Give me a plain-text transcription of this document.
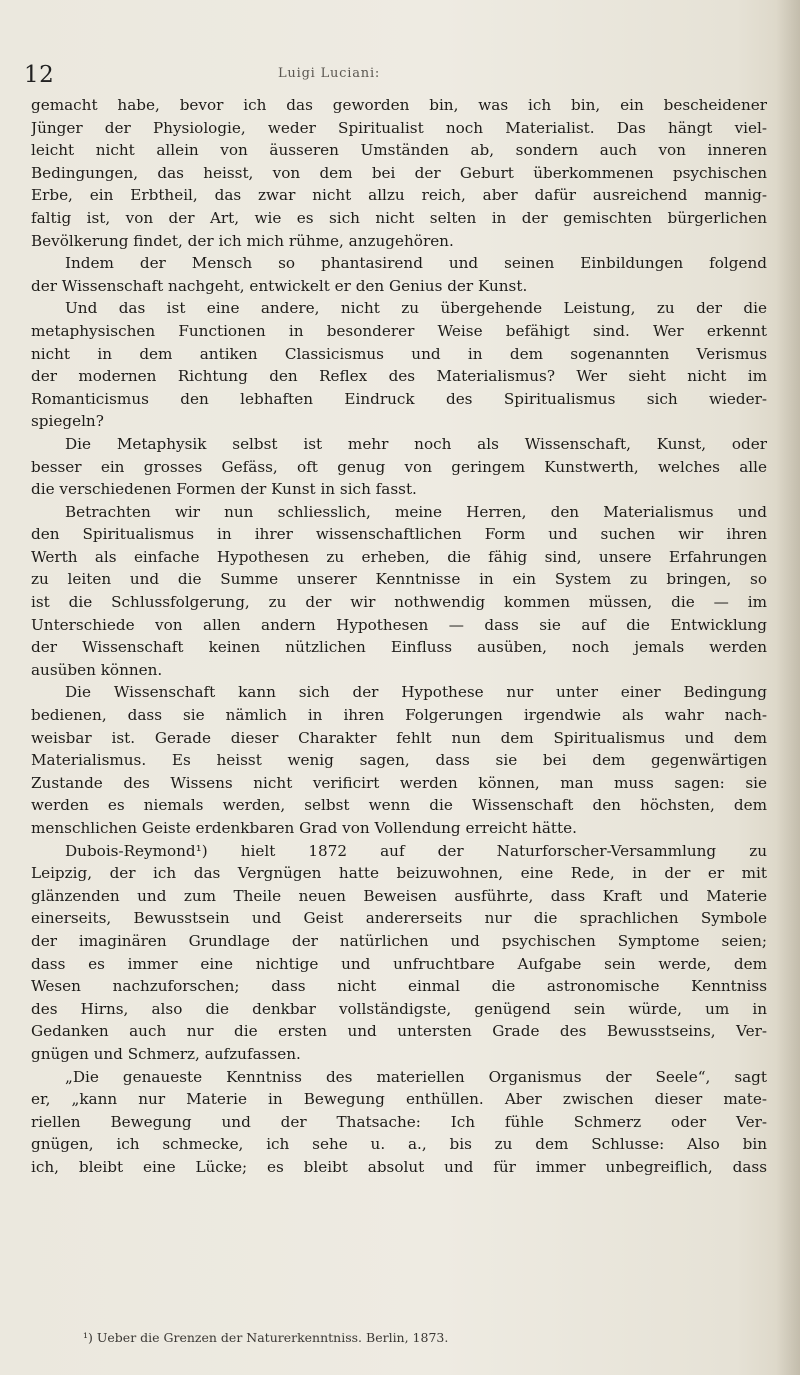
12	Luigi Luciani:
gemacht habe, bevor ich das geworden bin, was ich bin, ein bescheidener
Jünger der Physiologie, weder Spiritualist noch Materialist. Das hängt viel-
leicht nicht allein von äusseren Umständen ab, sondern auch von inneren
Bedingungen, das heisst, von dem bei der Geburt überkommenen psychischen
Erbe, ein Erbtheil, das zwar nicht allzu reich, aber dafür ausreichend mannig-
faltig ist, von der Art, wie es sich nicht selten in der gemischten bürgerlichen
Bevölkerung findet, der ich mich rühme, anzugehören.
Indem der Mensch so phantasirend und seinen Einbildungen folgend
der Wissenschaft nachgeht, entwickelt er den Genius der Kunst.
Und das ist eine andere, nicht zu übergehende Leistung, zu der die
metaphysischen Functionen in besonderer Weise befähigt sind. Wer erkennt
nicht in dem antiken Classicismus und in dem sogenannten Verismus
der modernen Richtung den Reflex des Materialismus? Wer sieht nicht im
Romanticismus den lebhaften Eindruck des Spiritualismus sich wieder-
spiegeln?
Die Metaphysik selbst ist mehr noch als Wissenschaft, Kunst, oder
besser ein grosses Gefäss, oft genug von geringem Kunstwerth, welches alle
die verschiedenen Formen der Kunst in sich fasst.
Betrachten wir nun schliesslich, meine Herren, den Materialismus und
den Spiritualismus in ihrer wissenschaftlichen Form und suchen wir ihren
Werth als einfache Hypothesen zu erheben, die fähig sind, unsere Erfahrungen
zu leiten und die Summe unserer Kenntnisse in ein System zu bringen, so
ist die Schlussfolgerung, zu der wir nothwendig kommen müssen, die — im
Unterschiede von allen andern Hypothesen — dass sie auf die Entwicklung
der Wissenschaft keinen nützlichen Einfluss ausüben, noch jemals werden
ausüben können.
Die Wissenschaft kann sich der Hypothese nur unter einer Bedingung
bedienen, dass sie nämlich in ihren Folgerungen irgendwie als wahr nach-
weisbar ist. Gerade dieser Charakter fehlt nun dem Spiritualismus und dem
Materialismus. Es heisst wenig sagen, dass sie bei dem gegenwärtigen
Zustande des Wissens nicht verificirt werden können, man muss sagen: sie
werden es niemals werden, selbst wenn die Wissenschaft den höchsten, dem
menschlichen Geiste erdenkbaren Grad von Vollendung erreicht hätte.
Dubois-Reymond¹) hielt 1872 auf der Naturforscher-Versammlung zu
Leipzig, der ich das Vergnügen hatte beizuwohnen, eine Rede, in der er mit
glänzenden und zum Theile neuen Beweisen ausführte, dass Kraft und Materie
einerseits, Bewusstsein und Geist andererseits nur die sprachlichen Symbole
der imaginären Grundlage der natürlichen und psychischen Symptome seien;
dass es immer eine nichtige und unfruchtbare Aufgabe sein werde, dem
Wesen nachzuforschen; dass nicht einmal die astronomische Kenntniss
des Hirns, also die denkbar vollständigste, genügend sein würde, um in
Gedanken auch nur die ersten und untersten Grade des Bewusstseins, Ver-
gnügen und Schmerz, aufzufassen.
„Die genaueste Kenntniss des materiellen Organismus der Seele“, sagt
er, „kann nur Materie in Bewegung enthüllen. Aber zwischen dieser mate-
riellen Bewegung und der Thatsache: Ich fühle Schmerz oder Ver-
gnügen, ich schmecke, ich sehe u. a., bis zu dem Schlusse: Also bin
ich, bleibt eine Lücke; es bleibt absolut und für immer unbegreiflich, dass
¹) Ueber die Grenzen der Naturerkenntniss. Berlin, 1873.
